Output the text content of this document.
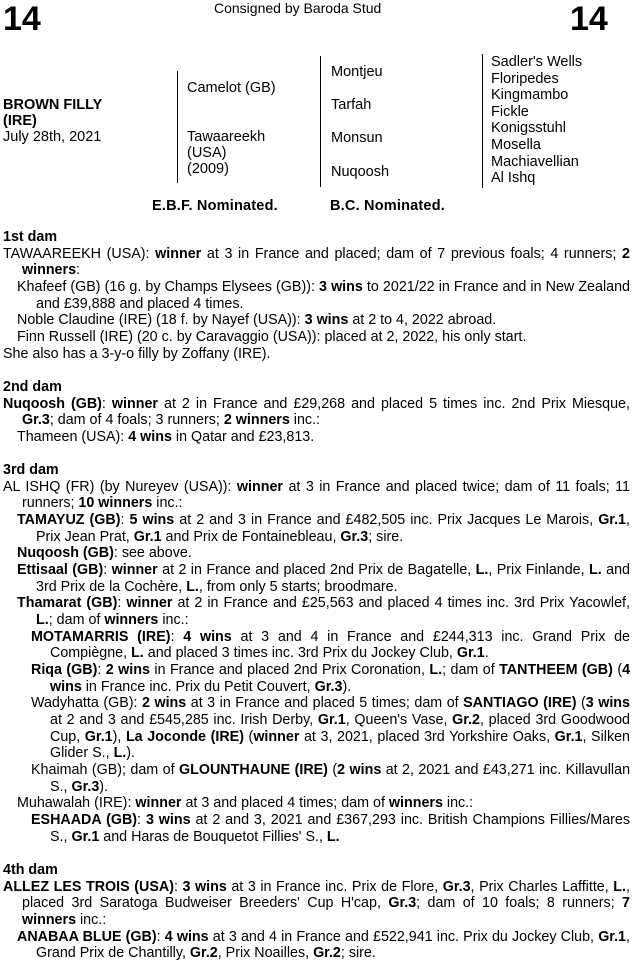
14	Consigned by Baroda Stud	14
BROWN FILLY
(IRE)
July 28th, 2021
Camelot (GB)
Tawaareekh
(USA)
(2009)
Montjeu
Tarfah
Monsun
Nuqoosh
Sadler's Wells
Floripedes
Kingmambo
Fickle
Konigsstuhl
Mosella
Machiavellian
Al Ishq
E.B.F. Nominated.	B.C. Nominated.
1st dam
TAWAAREEKH (USA): winner at 3 in France and placed; dam of 7 previous foals; 4 runners; 2 winners:
Khafeef (GB) (16 g. by Champs Elysees (GB)): 3 wins to 2021/22 in France and in New Zealand and £39,888 and placed 4 times.
Noble Claudine (IRE) (18 f. by Nayef (USA)): 3 wins at 2 to 4, 2022 abroad.
Finn Russell (IRE) (20 c. by Caravaggio (USA)): placed at 2, 2022, his only start.
She also has a 3-y-o filly by Zoffany (IRE).
2nd dam
Nuqoosh (GB): winner at 2 in France and £29,268 and placed 5 times inc. 2nd Prix Miesque, Gr.3; dam of 4 foals; 3 runners; 2 winners inc.:
Thameen (USA): 4 wins in Qatar and £23,813.
3rd dam
AL ISHQ (FR) (by Nureyev (USA)): winner at 3 in France and placed twice; dam of 11 foals; 11 runners; 10 winners inc.:
TAMAYUZ (GB): 5 wins at 2 and 3 in France and £482,505 inc. Prix Jacques Le Marois, Gr.1, Prix Jean Prat, Gr.1 and Prix de Fontainebleau, Gr.3; sire.
Nuqoosh (GB): see above.
Ettisaal (GB): winner at 2 in France and placed 2nd Prix de Bagatelle, L., Prix Finlande, L. and 3rd Prix de la Cochère, L., from only 5 starts; broodmare.
Thamarat (GB): winner at 2 in France and £25,563 and placed 4 times inc. 3rd Prix Yacowlef, L.; dam of winners inc.:
MOTAMARRIS (IRE): 4 wins at 3 and 4 in France and £244,313 inc. Grand Prix de Compiègne, L. and placed 3 times inc. 3rd Prix du Jockey Club, Gr.1.
Riqa (GB): 2 wins in France and placed 2nd Prix Coronation, L.; dam of TANTHEEM (GB) (4 wins in France inc. Prix du Petit Couvert, Gr.3).
Wadyhatta (GB): 2 wins at 3 in France and placed 5 times; dam of SANTIAGO (IRE) (3 wins at 2 and 3 and £545,285 inc. Irish Derby, Gr.1, Queen's Vase, Gr.2, placed 3rd Goodwood Cup, Gr.1), La Joconde (IRE) (winner at 3, 2021, placed 3rd Yorkshire Oaks, Gr.1, Silken Glider S., L.).
Khaimah (GB); dam of GLOUNTHAUNE (IRE) (2 wins at 2, 2021 and £43,271 inc. Killavullan S., Gr.3).
Muhawalah (IRE): winner at 3 and placed 4 times; dam of winners inc.:
ESHAADA (GB): 3 wins at 2 and 3, 2021 and £367,293 inc. British Champions Fillies/Mares S., Gr.1 and Haras de Bouquetot Fillies' S., L.
4th dam
ALLEZ LES TROIS (USA): 3 wins at 3 in France inc. Prix de Flore, Gr.3, Prix Charles Laffitte, L., placed 3rd Saratoga Budweiser Breeders' Cup H'cap, Gr.3; dam of 10 foals; 8 runners; 7 winners inc.:
ANABAA BLUE (GB): 4 wins at 3 and 4 in France and £522,941 inc. Prix du Jockey Club, Gr.1, Grand Prix de Chantilly, Gr.2, Prix Noailles, Gr.2; sire.
